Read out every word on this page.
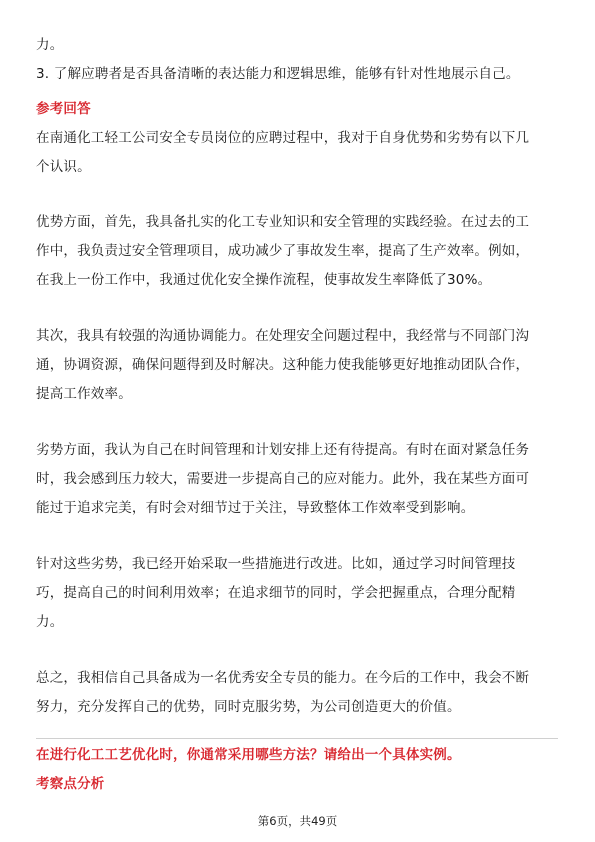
力。
3. 了解应聘者是否具备清晰的表达能力和逻辑思维，能够有针对性地展示自己。
参考回答
在南通化工轻工公司安全专员岗位的应聘过程中，我对于自身优势和劣势有以下几
个认识。
优势方面，首先，我具备扎实的化工专业知识和安全管理的实践经验。在过去的工
作中，我负责过安全管理项目，成功减少了事故发生率，提高了生产效率。例如，
在我上一份工作中，我通过优化安全操作流程，使事故发生率降低了30%。
其次，我具有较强的沟通协调能力。在处理安全问题过程中，我经常与不同部门沟
通，协调资源，确保问题得到及时解决。这种能力使我能够更好地推动团队合作，
提高工作效率。
劣势方面，我认为自己在时间管理和计划安排上还有待提高。有时在面对紧急任务
时，我会感到压力较大，需要进一步提高自己的应对能力。此外，我在某些方面可
能过于追求完美，有时会对细节过于关注，导致整体工作效率受到影响。
针对这些劣势，我已经开始采取一些措施进行改进。比如，通过学习时间管理技
巧，提高自己的时间利用效率；在追求细节的同时，学会把握重点，合理分配精
力。
总之，我相信自己具备成为一名优秀安全专员的能力。在今后的工作中，我会不断
努力，充分发挥自己的优势，同时克服劣势，为公司创造更大的价值。
在进行化工工艺优化时，你通常采用哪些方法？请给出一个具体实例。
考察点分析
第6页，共49页
